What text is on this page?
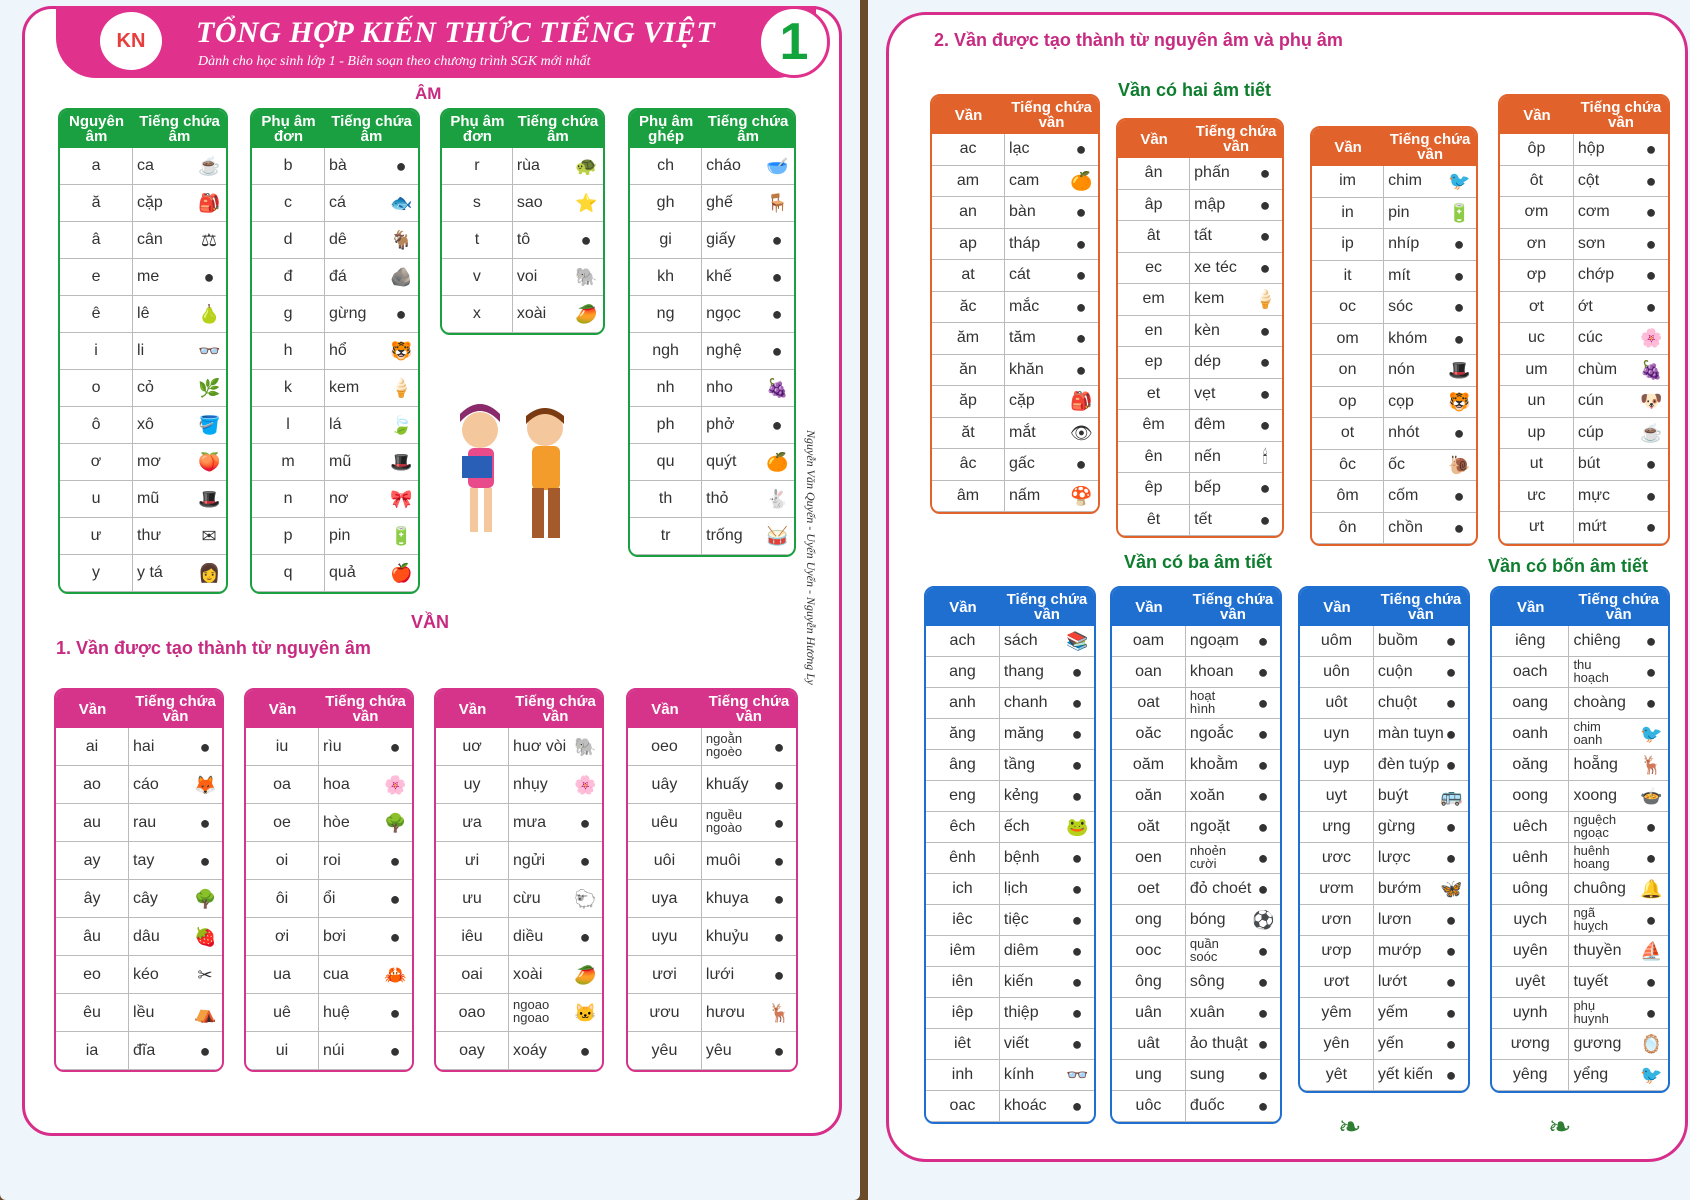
KN	TỔNG HỢP KIẾN THỨC TIẾNG VIỆT
Dành cho học sinh lớp 1 - Biên soạn theo chương trình SGK mới nhất	1
ÂM
VẦN
1. Vần được tạo thành từ nguyên âm
Nguyên âm	Tiếng chứa âm
a	ca ☕

ă	cặp 🎒

â	cân ⚖

e	me ●

ê	lê 🍐

i	li 👓

o	cỏ 🌿

ô	xô 🪣

ơ	mơ 🍑

u	mũ 🎩

ư	thư ✉

y	y tá 👩
Phụ âm đơn	Tiếng chứa âm
b	bà ●

c	cá 🐟

d	dê 🐐

đ	đá 🪨

g	gừng ●

h	hổ 🐯

k	kem 🍦

l	lá 🍃

m	mũ 🎩

n	nơ 🎀

p	pin 🔋

q	quả 🍎
Phụ âm đơn	Tiếng chứa âm
r	rùa 🐢

s	sao ⭐

t	tô ●

v	voi 🐘

x	xoài 🥭
Phụ âm ghép	Tiếng chứa âm
ch	cháo 🥣

gh	ghế 🪑

gi	giấy ●

kh	khế ●

ng	ngọc ●

ngh	nghệ ●

nh	nho 🍇

ph	phở ●

qu	quýt 🍊

th	thỏ 🐇

tr	trống 🥁
Vần	Tiếng chứa vần
ai	hai ●

ao	cáo 🦊

au	rau ●

ay	tay ●

ây	cây 🌳

âu	dâu 🍓

eo	kéo ✂

êu	lều ⛺

ia	đĩa ●
Vần	Tiếng chứa vần
iu	rìu ●

oa	hoa 🌸

oe	hòe 🌳

oi	roi ●

ôi	ổi ●

ơi	bơi ●

ua	cua 🦀

uê	huệ ●

ui	núi ●
Vần	Tiếng chứa vần
uơ	huơ vòi 🐘

uy	nhụy 🌸

ưa	mưa ●

ưi	ngửi ●

ưu	cừu 🐑

iêu	diều ●

oai	xoài 🥭

oao	ngoao ngoao 🐱

oay	xoáy ●
Vần	Tiếng chứa vần
oeo	ngoằn ngoèo ●

uây	khuấy ●

uêu	nguều ngoào ●

uôi	muôi ●

uya	khuya ●

uyu	khuỷu ●

ươi	lưới ●

ươu	hươu 🦌

yêu	yêu ●
Nguyễn Văn Quyến - Uyển Uyển - Nguyễn Hương Ly
2. Vần được tạo thành từ nguyên âm và phụ âm
Vần có hai âm tiết
Vần có ba âm tiết	Vần có bốn âm tiết
Vần	Tiếng chứa vần
ac	lạc ●

am	cam 🍊

an	bàn ●

ap	tháp ●

at	cát ●

ăc	mắc ●

ăm	tăm ●

ăn	khăn ●

ăp	cặp 🎒

ăt	mắt 👁

âc	gấc ●

âm	nấm 🍄
Vần	Tiếng chứa vần
ân	phấn ●

âp	mập ●

ât	tất ●

ec	xe téc ●

em	kem 🍦

en	kèn ●

ep	dép ●

et	vẹt ●

êm	đêm ●

ên	nến 🕯

êp	bếp ●

êt	tết ●
Vần	Tiếng chứa vần
im	chim 🐦

in	pin 🔋

ip	nhíp ●

it	mít ●

oc	sóc ●

om	khóm ●

on	nón 🎩

op	cọp 🐯

ot	nhót ●

ôc	ốc 🐌

ôm	cốm ●

ôn	chồn ●
Vần	Tiếng chứa vần
ôp	hộp ●

ôt	cột ●

ơm	cơm ●

ơn	sơn ●

ơp	chớp ●

ơt	ớt ●

uc	cúc 🌸

um	chùm 🍇

un	cún 🐶

up	cúp ☕

ut	bút ●

ưc	mực ●

ưt	mứt ●
Vần	Tiếng chứa vần
ach	sách 📚

ang	thang ●

anh	chanh ●

ăng	măng ●

âng	tầng ●

eng	kẻng ●

êch	ếch 🐸

ênh	bệnh ●

ich	lịch ●

iêc	tiệc ●

iêm	diêm ●

iên	kiến ●

iêp	thiệp ●

iêt	viết ●

inh	kính 👓

oac	khoác ●
Vần	Tiếng chứa vần
oam	ngoạm ●

oan	khoan ●

oat	hoạt hình ●

oăc	ngoắc ●

oăm	khoằm ●

oăn	xoăn ●

oăt	ngoặt ●

oen	nhoẻn cười ●

oet	đỏ choét ●

ong	bóng ⚽

ooc	quần soóc ●

ông	sông ●

uân	xuân ●

uât	ảo thuật ●

ung	sung ●

uôc	đuốc ●
Vần	Tiếng chứa vần
uôm	buồm ●

uôn	cuộn ●

uôt	chuột ●

uyn	màn tuyn ●

uyp	đèn tuýp ●

uyt	buýt 🚌

ưng	gừng ●

ươc	lược ●

ươm	bướm 🦋

ươn	lươn ●

ươp	mướp ●

ươt	lướt ●

yêm	yếm ●

yên	yến ●

yêt	yết kiến ●
Vần	Tiếng chứa vần
iêng	chiêng ●

oach	thu hoạch ●

oang	choàng ●

oanh	chim oanh 🐦

oăng	hoẵng 🦌

oong	xoong 🍲

uêch	nguệch ngoạc ●

uênh	huênh hoang ●

uông	chuông 🔔

uych	ngã huỵch ●

uyên	thuyền ⛵

uyêt	tuyết ●

uynh	phụ huynh ●

ương	gương 🪞

yêng	yểng 🐦
❧	❧
